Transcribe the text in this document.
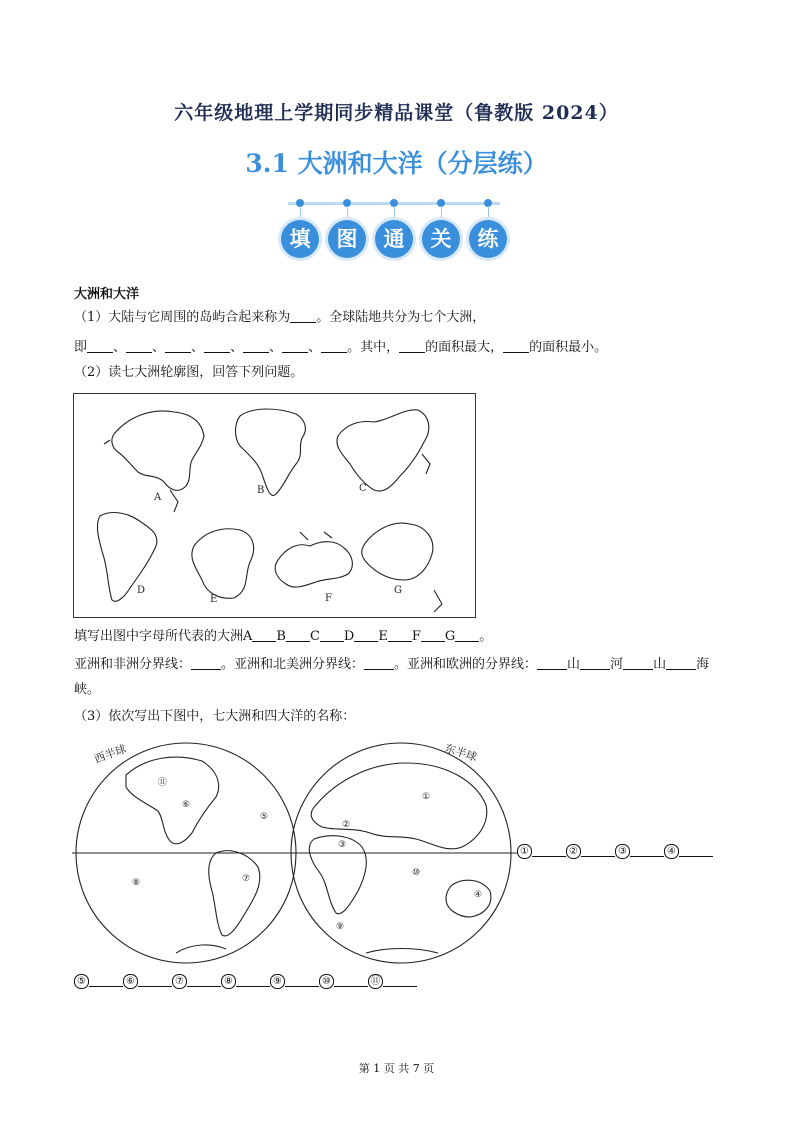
六年级地理上学期同步精品课堂（鲁教版 2024）
3.1 大洲和大洋（分层练）
填	图	通	关	练
大洲和大洋
（1）大陆与它周围的岛屿合起来称为 。全球陆地共分为七个大洲，
即 、 、 、 、 、 、 。其中， 的面积最大， 的面积最小。
（2）读七大洲轮廓图，回答下列问题。
A
B	C
D
E	F
G
填写出图中字母所代表的大洲A B C D E F G 。
亚洲和非洲分界线： 。亚洲和北美洲分界线： 。亚洲和欧洲的分界线： 山 河 山 海
峡。
（3）依次写出下图中，七大洲和四大洋的名称：
西半球	东半球
⑪
⑥
⑤
⑧	⑦
①
③
②
⑩
④
⑨
①	②	③	④
⑤	⑥	⑦	⑧	⑨	⑩	⑪
第 1 页 共 7 页
